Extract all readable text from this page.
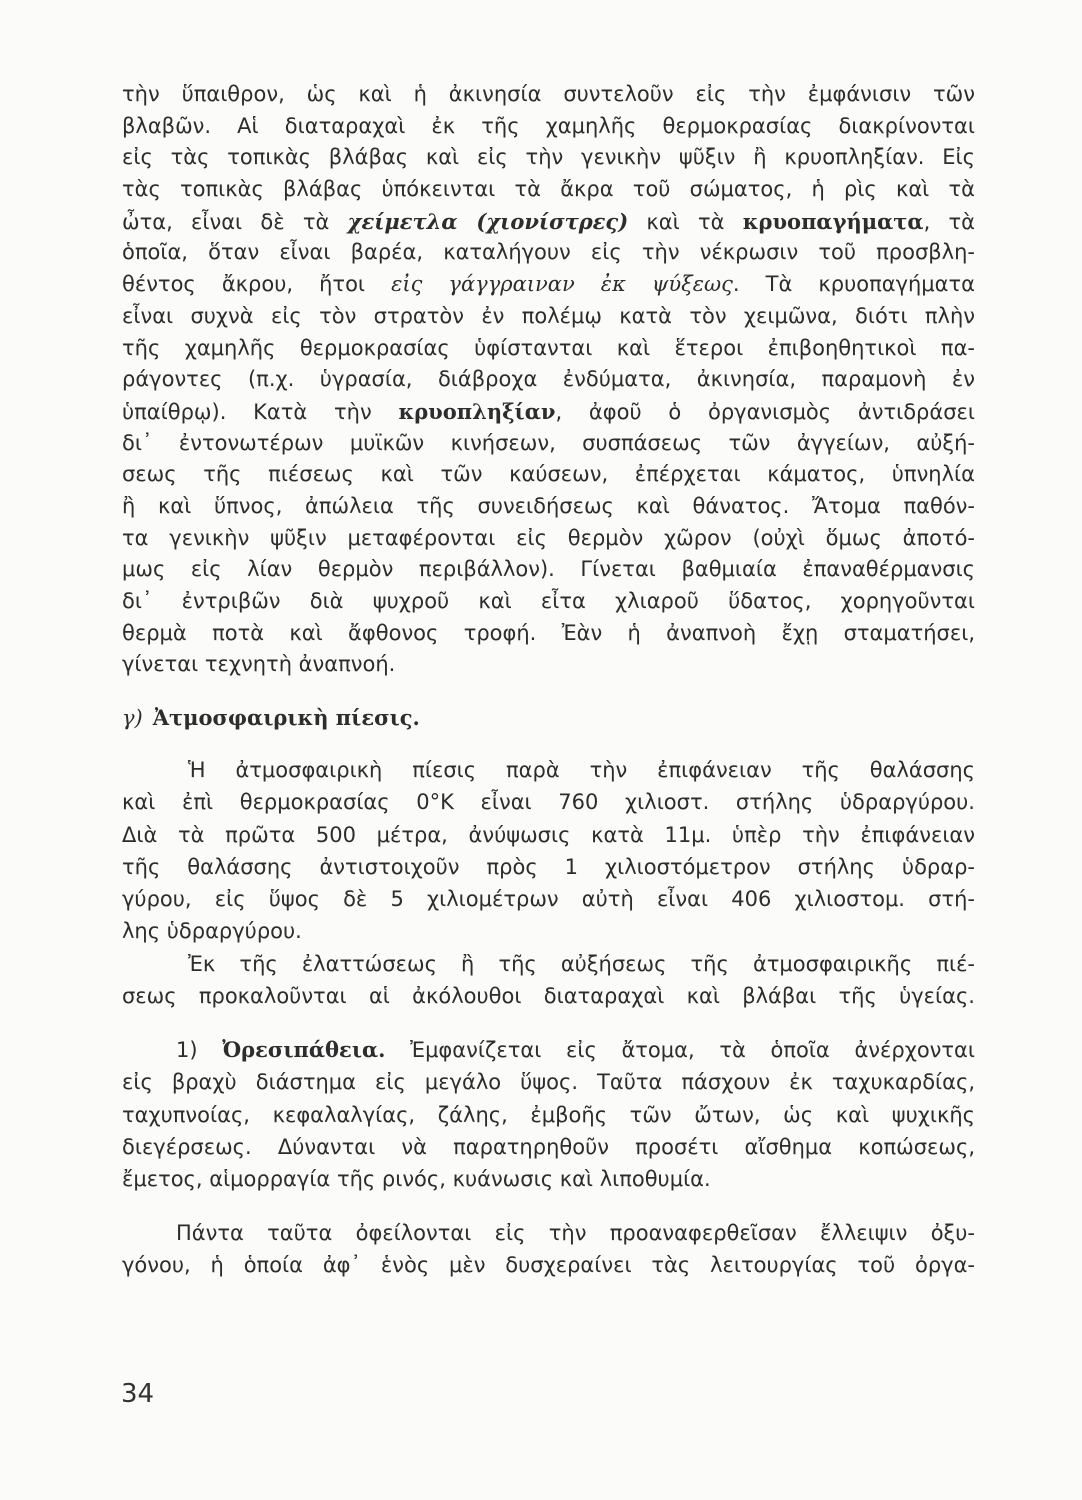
τὴν ὕπαιθρον, ὡς καὶ ἡ ἀκινησία συντελοῦν εἰς τὴν ἐμφάνισιν τῶν
βλαβῶν. Αἱ διαταραχαὶ ἐκ τῆς χαμηλῆς θερμοκρασίας διακρίνονται
εἰς τὰς τοπικὰς βλάβας καὶ εἰς τὴν γενικὴν ψῦξιν ἢ κρυοπληξίαν. Εἰς
τὰς τοπικὰς βλάβας ὑπόκεινται τὰ ἄκρα τοῦ σώματος, ἡ ρὶς καὶ τὰ
ὦτα, εἶναι δὲ τὰ χείμετλα (χιονίστρες) καὶ τὰ κρυοπαγήματα, τὰ
ὁποῖα, ὅταν εἶναι βαρέα, καταλήγουν εἰς τὴν νέκρωσιν τοῦ προσβλη-
θέντος ἄκρου, ἤτοι εἰς γάγγραιναν ἐκ ψύξεως. Τὰ κρυοπαγήματα
εἶναι συχνὰ εἰς τὸν στρατὸν ἐν πολέμῳ κατὰ τὸν χειμῶνα, διότι πλὴν
τῆς χαμηλῆς θερμοκρασίας ὑφίστανται καὶ ἕτεροι ἐπιβοηθητικοὶ πα-
ράγοντες (π.χ. ὑγρασία, διάβροχα ἐνδύματα, ἀκινησία, παραμονὴ ἐν
ὑπαίθρῳ). Κατὰ τὴν κρυοπληξίαν, ἀφοῦ ὁ ὀργανισμὸς ἀντιδράσει
δι᾽ ἐντονωτέρων μυϊκῶν κινήσεων, συσπάσεως τῶν ἀγγείων, αὐξή-
σεως τῆς πιέσεως καὶ τῶν καύσεων, ἐπέρχεται κάματος, ὑπνηλία
ἢ καὶ ὕπνος, ἀπώλεια τῆς συνειδήσεως καὶ θάνατος. Ἄτομα παθόν-
τα γενικὴν ψῦξιν μεταφέρονται εἰς θερμὸν χῶρον (οὐχὶ ὅμως ἀποτό-
μως εἰς λίαν θερμὸν περιβάλλον). Γίνεται βαθμιαία ἐπαναθέρμανσις
δι᾽ ἐντριβῶν διὰ ψυχροῦ καὶ εἶτα χλιαροῦ ὕδατος, χορηγοῦνται
θερμὰ ποτὰ καὶ ἄφθονος τροφή. Ἐὰν ἡ ἀναπνοὴ ἔχῃ σταματήσει,
γίνεται τεχνητὴ ἀναπνοή.
γ) Ἀτμοσφαιρικὴ πίεσις.
Ἡ ἀτμοσφαιρικὴ πίεσις παρὰ τὴν ἐπιφάνειαν τῆς θαλάσσης
καὶ ἐπὶ θερμοκρασίας 0°Κ εἶναι 760 χιλιοστ. στήλης ὑδραργύρου.
Διὰ τὰ πρῶτα 500 μέτρα, ἀνύψωσις κατὰ 11μ. ὑπὲρ τὴν ἐπιφάνειαν
τῆς θαλάσσης ἀντιστοιχοῦν πρὸς 1 χιλιοστόμετρον στήλης ὑδραρ-
γύρου, εἰς ὕψος δὲ 5 χιλιομέτρων αὐτὴ εἶναι 406 χιλιοστομ. στή-
λης ὑδραργύρου.
Ἐκ τῆς ἐλαττώσεως ἢ τῆς αὐξήσεως τῆς ἀτμοσφαιρικῆς πιέ-
σεως προκαλοῦνται αἱ ἀκόλουθοι διαταραχαὶ καὶ βλάβαι τῆς ὑγείας.
1) Ὀρεσιπάθεια. Ἐμφανίζεται εἰς ἄτομα, τὰ ὁποῖα ἀνέρχονται
εἰς βραχὺ διάστημα εἰς μεγάλο ὕψος. Ταῦτα πάσχουν ἐκ ταχυκαρδίας,
ταχυπνοίας, κεφαλαλγίας, ζάλης, ἐμβοῆς τῶν ὤτων, ὡς καὶ ψυχικῆς
διεγέρσεως. Δύνανται νὰ παρατηρηθοῦν προσέτι αἴσθημα κοπώσεως,
ἔμετος, αἱμορραγία τῆς ρινός, κυάνωσις καὶ λιποθυμία.
Πάντα ταῦτα ὀφείλονται εἰς τὴν προαναφερθεῖσαν ἔλλειψιν ὀξυ-
γόνου, ἡ ὁποία ἀφ᾽ ἑνὸς μὲν δυσχεραίνει τὰς λειτουργίας τοῦ ὀργα-
34
